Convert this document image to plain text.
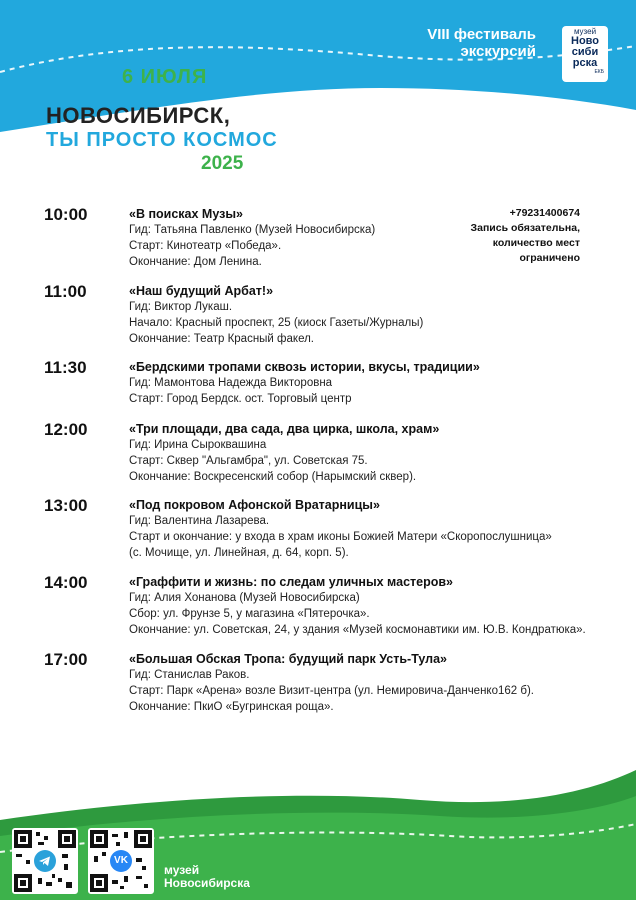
VIII фестиваль
экскурсий
музей
Ново
сиби
рска
ЕКБ
6 ИЮЛЯ
НОВОСИБИРСК,
ТЫ ПРОСТО КОСМОС
2025
+79231400674
Запись обязательна,
количество мест
ограничено
10:00	«В поисках Музы»
Гид: Татьяна Павленко (Музей Новосибирска)
Старт: Кинотеатр «Победа».
Окончание: Дом Ленина.
11:00	«Наш будущий Арбат!»
Гид: Виктор Лукаш.
Начало: Красный проспект, 25 (киоск Газеты/Журналы)
Окончание: Театр Красный факел.
11:30	«Бердскими тропами сквозь истории, вкусы, традиции»
Гид: Мамонтова Надежда Викторовна
Старт: Город Бердск. ост. Торговый центр
12:00	«Три площади, два сада, два цирка, школа, храм»
Гид: Ирина Сыроквашина
Старт: Сквер "Альгамбра", ул. Советская 75.
Окончание: Воскресенский собор (Нарымский сквер).
13:00	«Под покровом Афонской Вратарницы»
Гид: Валентина Лазарева.
Старт и окончание: у входа в храм иконы Божией Матери «Скоропослушница»
(с. Мочище, ул. Линейная, д. 64, корп. 5).
14:00	«Граффити и жизнь: по следам уличных мастеров»
Гид: Алия Хонанова (Музей Новосибирска)
Сбор: ул. Фрунзе 5, у магазина «Пятерочка».
Окончание: ул. Советская, 24, у здания «Музей космонавтики им. Ю.В. Кондратюка».
17:00	«Большая Обская Тропа: будущий парк Усть-Тула»
Гид: Станислав Раков.
Старт: Парк «Арена» возле Визит-центра (ул. Немировича-Данченко162 б).
Окончание: ПкиО «Бугринская роща».
VK
музей
Новосибирска
